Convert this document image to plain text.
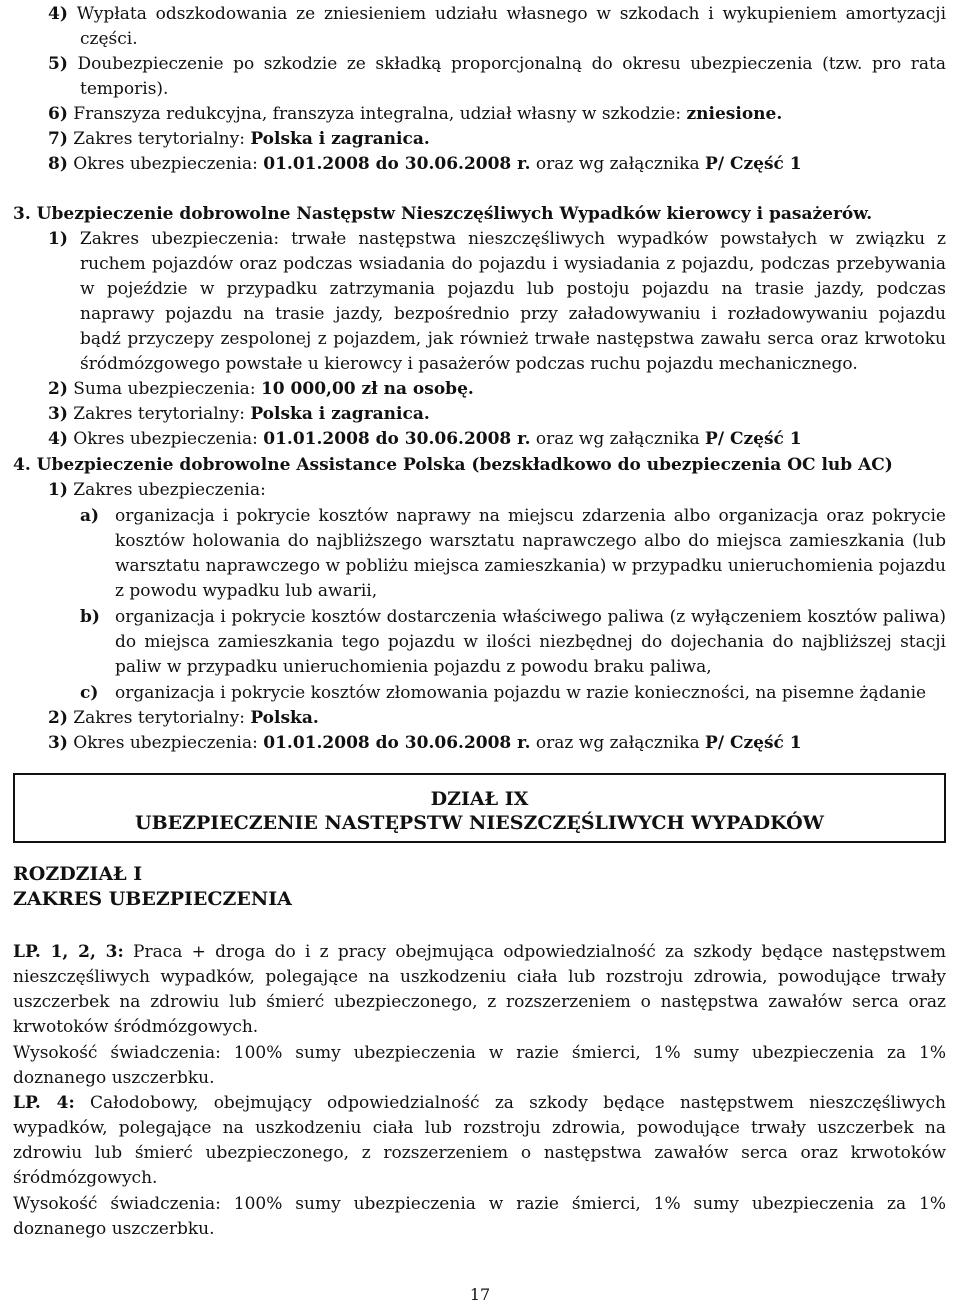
4) Wypłata odszkodowania ze zniesieniem udziału własnego w szkodach i wykupieniem amortyzacji
części.
5) Doubezpieczenie po szkodzie ze składką proporcjonalną do okresu ubezpieczenia (tzw. pro rata
temporis).
6) Franszyza redukcyjna, franszyza integralna, udział własny w szkodzie: zniesione.
7) Zakres terytorialny: Polska i zagranica.
8) Okres ubezpieczenia: 01.01.2008 do 30.06.2008 r. oraz wg załącznika P/ Część 1
3. Ubezpieczenie dobrowolne Następstw Nieszczęśliwych Wypadków kierowcy i pasażerów.
1) Zakres ubezpieczenia: trwałe następstwa nieszczęśliwych wypadków powstałych w związku z
ruchem pojazdów oraz podczas wsiadania do pojazdu i wysiadania z pojazdu, podczas przebywania
w pojeździe w przypadku zatrzymania pojazdu lub postoju pojazdu na trasie jazdy, podczas
naprawy pojazdu na trasie jazdy, bezpośrednio przy załadowywaniu i rozładowywaniu pojazdu
bądź przyczepy zespolonej z pojazdem, jak również trwałe następstwa zawału serca oraz krwotoku
śródmózgowego powstałe u kierowcy i pasażerów podczas ruchu pojazdu mechanicznego.
2) Suma ubezpieczenia: 10 000,00 zł na osobę.
3) Zakres terytorialny: Polska i zagranica.
4) Okres ubezpieczenia: 01.01.2008 do 30.06.2008 r. oraz wg załącznika P/ Część 1
4. Ubezpieczenie dobrowolne Assistance Polska (bezskładkowo do ubezpieczenia OC lub AC)
1) Zakres ubezpieczenia:
a) organizacja i pokrycie kosztów naprawy na miejscu zdarzenia albo organizacja oraz pokrycie
kosztów holowania do najbliższego warsztatu naprawczego albo do miejsca zamieszkania (lub
warsztatu naprawczego w pobliżu miejsca zamieszkania) w przypadku unieruchomienia pojazdu
z powodu wypadku lub awarii,
b) organizacja i pokrycie kosztów dostarczenia właściwego paliwa (z wyłączeniem kosztów paliwa)
do miejsca zamieszkania tego pojazdu w ilości niezbędnej do dojechania do najbliższej stacji
paliw w przypadku unieruchomienia pojazdu z powodu braku paliwa,
c) organizacja i pokrycie kosztów złomowania pojazdu w razie konieczności, na pisemne żądanie
2) Zakres terytorialny: Polska.
3) Okres ubezpieczenia: 01.01.2008 do 30.06.2008 r. oraz wg załącznika P/ Część 1
DZIAŁ IX
UBEZPIECZENIE NASTĘPSTW NIESZCZĘŚLIWYCH WYPADKÓW
ROZDZIAŁ I
ZAKRES UBEZPIECZENIA
LP. 1, 2, 3: Praca + droga do i z pracy obejmująca odpowiedzialność za szkody będące następstwem
nieszczęśliwych wypadków, polegające na uszkodzeniu ciała lub rozstroju zdrowia, powodujące trwały
uszczerbek na zdrowiu lub śmierć ubezpieczonego, z rozszerzeniem o następstwa zawałów serca oraz
krwotoków śródmózgowych.
Wysokość świadczenia: 100% sumy ubezpieczenia w razie śmierci, 1% sumy ubezpieczenia za 1%
doznanego uszczerbku.
LP. 4: Całodobowy, obejmujący odpowiedzialność za szkody będące następstwem nieszczęśliwych
wypadków, polegające na uszkodzeniu ciała lub rozstroju zdrowia, powodujące trwały uszczerbek na
zdrowiu lub śmierć ubezpieczonego, z rozszerzeniem o następstwa zawałów serca oraz krwotoków
śródmózgowych.
Wysokość świadczenia: 100% sumy ubezpieczenia w razie śmierci, 1% sumy ubezpieczenia za 1%
doznanego uszczerbku.
17
